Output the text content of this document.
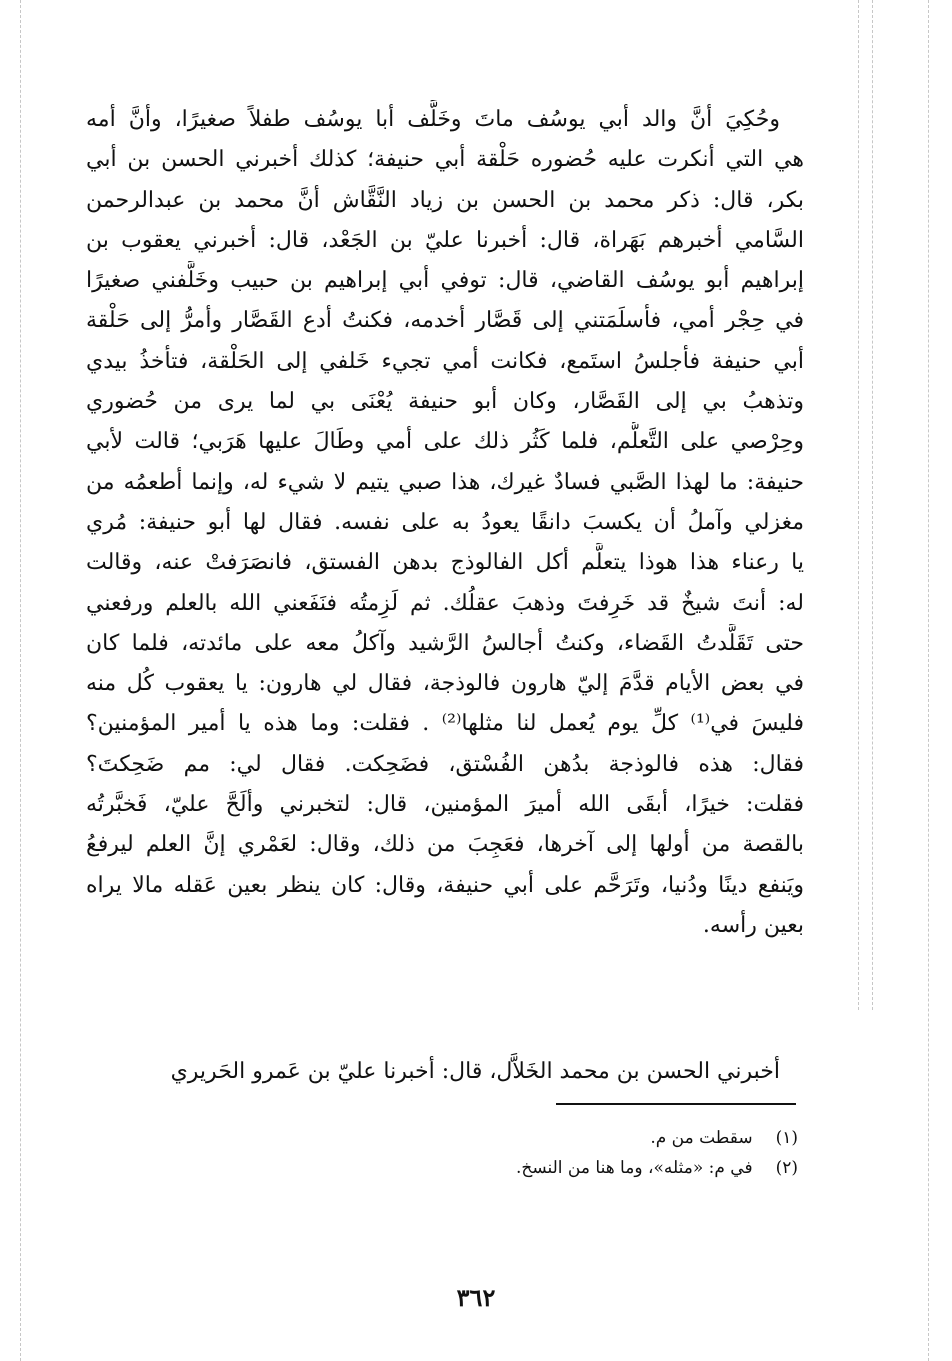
وحُكِيَ أنَّ والد أبي يوسُف ماتَ وخَلَّف أبا يوسُف طفلاً صغيرًا، وأنَّ أمه
هي التي أنكرت عليه حُضوره حَلْقة أبي حنيفة؛ كذلك أخبرني الحسن بن أبي
بكر، قال: ذكر محمد بن الحسن بن زياد النَّقَّاش أنَّ محمد بن عبدالرحمن
السَّامي أخبرهم بَهَراة، قال: أخبرنا عليّ بن الجَعْد، قال: أخبرني يعقوب بن
إبراهيم أبو يوسُف القاضي، قال: توفي أبي إبراهيم بن حبيب وخَلَّفني صغيرًا
في حِجْر أمي، فأسلَمَتني إلى قَصَّار أخدمه، فكنتُ أدع القَصَّار وأمرُّ إلى حَلْقة
أبي حنيفة فأجلسُ استَمع، فكانت أمي تجيء خَلفي إلى الحَلْقة، فتأخذُ بيدي
وتذهبُ بي إلى القَصَّار، وكان أبو حنيفة يُعْنَى بي لما يرى من حُضوري
وحِرْصي على التَّعلُّم، فلما كَثُر ذلك على أمي وطَالَ عليها هَرَبي؛ قالت لأبي
حنيفة: ما لهذا الصَّبي فسادٌ غيرك، هذا صبي يتيم لا شيء له، وإنما أطعمُه من
مغزلي وآملُ أن يكسبَ دانقًا يعودُ به على نفسه. فقال لها أبو حنيفة: مُري
يا رعناء هذا هوذا يتعلَّم أكل الفالوذج بدهن الفستق، فانصَرَفتْ عنه، وقالت
له: أنتَ شيخٌ قد خَرِفتَ وذهبَ عقلُك. ثم لَزِمتُه فنَفَعني الله بالعلم ورفعني
حتى تَقَلَّدتُ القَضاء، وكنتُ أجالسُ الرَّشيد وآكلُ معه على مائدته، فلما كان
في بعض الأيام قدَّمَ إليّ هارون فالوذجة، فقال لي هارون: يا يعقوب كُل منه
فليسَ في⁽¹⁾ كلِّ يوم يُعمل لنا مثلها⁽²⁾ . فقلت: وما هذه يا أمير المؤمنين؟
فقال: هذه فالوذجة بدُهن الفُسْتق، فضَحِكت. فقال لي: مم ضَحِكتَ؟
فقلت: خيرًا، أبقَى الله أميرَ المؤمنين، قال: لتخبرني وألَحَّ عليّ، فَخبَّرتُه
بالقصة من أولها إلى آخرها، فعَجِبَ من ذلك، وقال: لعَمْري إنَّ العلم ليرفعُ
ويَنفع دينًا ودُنيا، وتَرَحَّم على أبي حنيفة، وقال: كان ينظر بعين عَقله مالا يراه
بعين رأسه.
أخبرني الحسن بن محمد الخَلاَّل، قال: أخبرنا عليّ بن عَمرو الحَريري
(١) سقطت من م.
(٢) في م: «مثله»، وما هنا من النسخ.
٣٦٢
